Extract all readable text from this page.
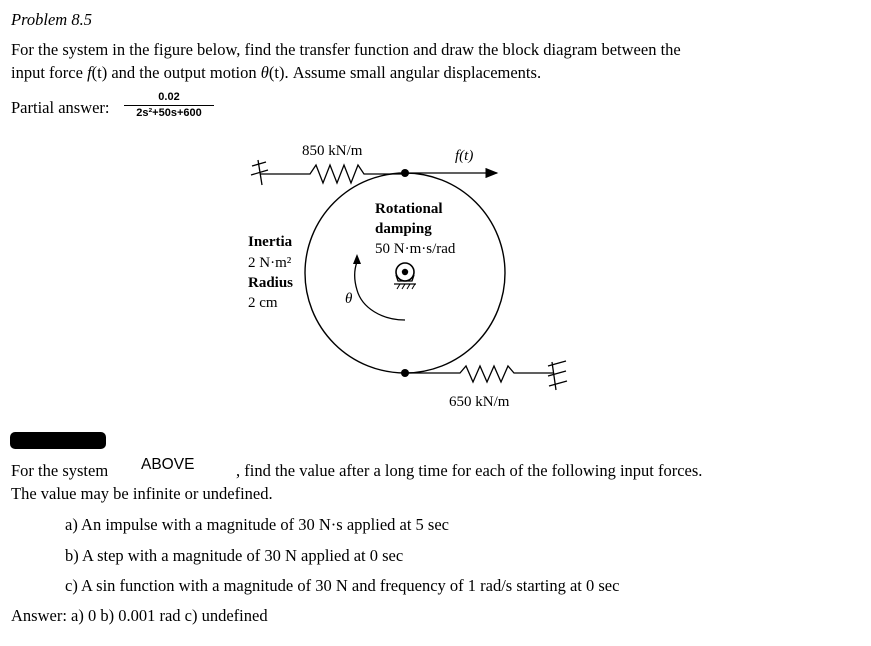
Problem 8.5
For the system in the figure below, find the transfer function and draw the block diagram between the
input force f(t) and the output motion θ(t). Assume small angular displacements.
Partial answer:
0.02
2s²+50s+600
850 kN/m	f(t)
Rotational
damping
50 N·m·s/rad
Inertia
2 N·m²
Radius
2 cm	θ
650 kN/m
For the system ABOVE	, find the value after a long time for each of the following input forces.
The value may be infinite or undefined.
a) An impulse with a magnitude of 30 N·s applied at 5 sec
b) A step with a magnitude of 30 N applied at 0 sec
c) A sin function with a magnitude of 30 N and frequency of 1 rad/s starting at 0 sec
Answer: a) 0 b) 0.001 rad c) undefined
